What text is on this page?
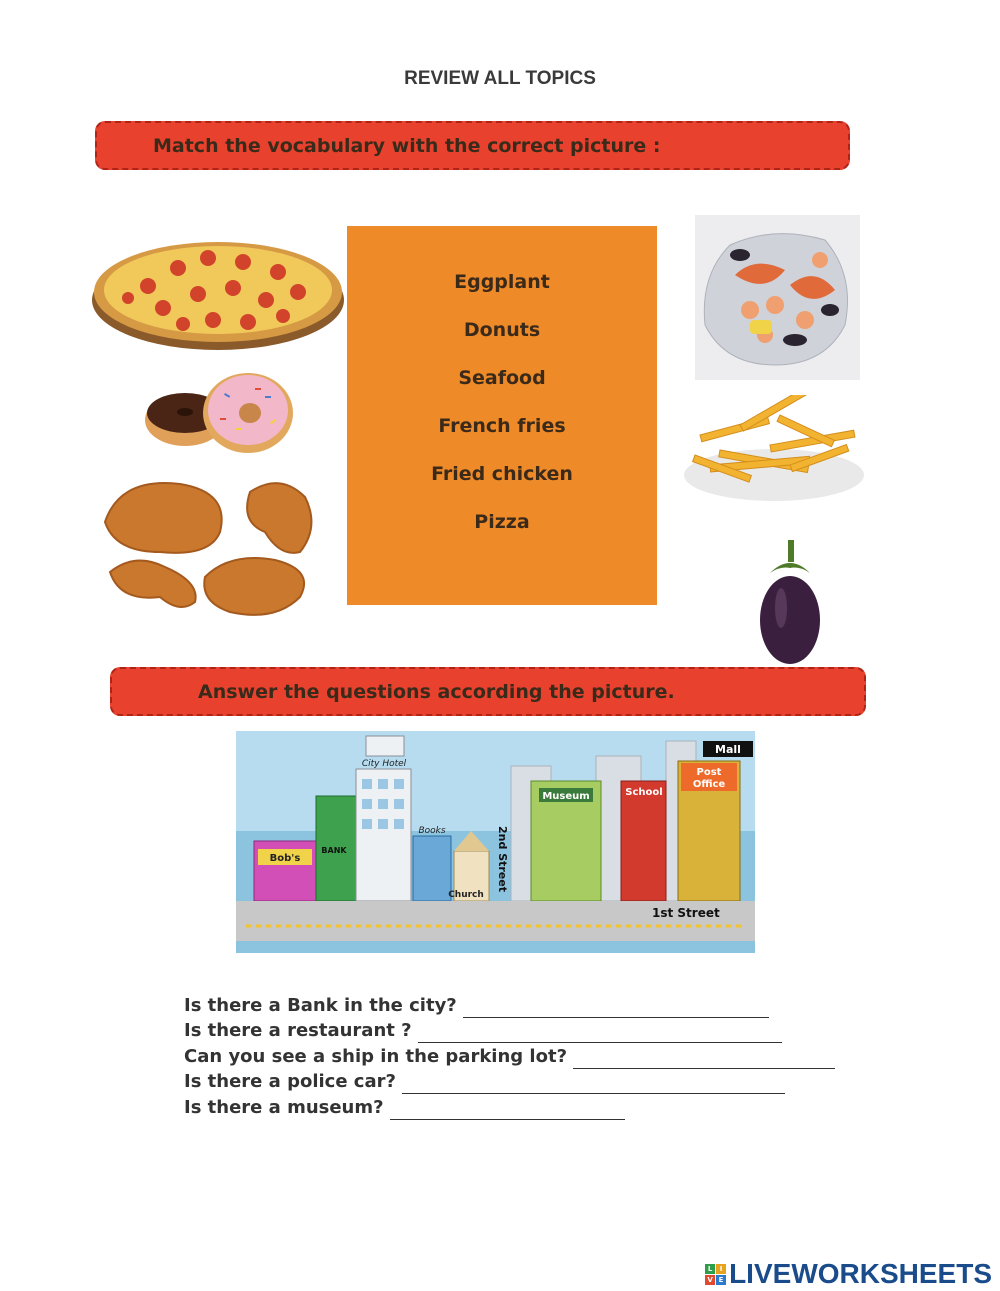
REVIEW ALL TOPICS
Match the vocabulary with the correct picture :
Eggplant
Donuts
Seafood
French fries
Fried chicken
Pizza
Answer the questions according the picture.
Bob's
BANK
City Hotel
Books
Church
2nd Street
Museum	School
Post
Office
Mall
1st Street
Is there a Bank in the city?
Is there a restaurant ?
Can you see a ship in the parking lot?
Is there a police car?
Is there a museum?
L	I
V E LIVEWORKSHEETS
